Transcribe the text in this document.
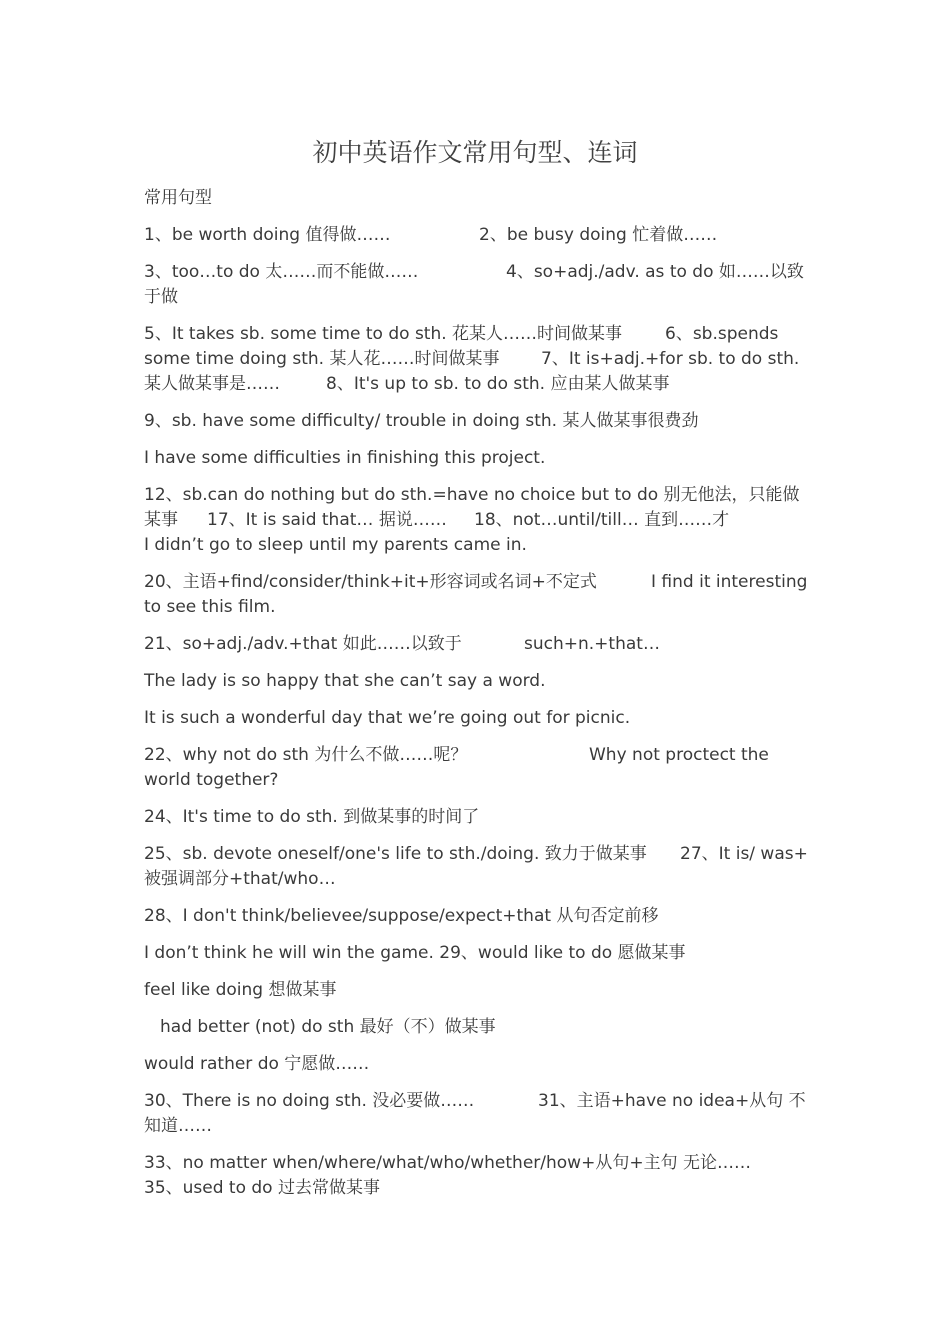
初中英语作文常用句型、连词
常用句型
1、be worth doing 值得做……	2、be busy doing 忙着做……
3、too…to do 太……而不能做……	4、so+adj./adv. as to do 如……以致
于做
5、It takes sb. some time to do sth. 花某人……时间做某事	6、sb.spends
some time doing sth. 某人花……时间做某事 7、It is+adj.+for sb. to do sth.
某人做某事是……	8、It's up to sb. to do sth. 应由某人做某事
9、sb. have some difficulty/ trouble in doing sth. 某人做某事很费劲
I have some difficulties in finishing this project.
12、sb.can do nothing but do sth.=have no choice but to do 别无他法，只能做
某事 17、It is said that… 据说…… 18、not…until/till… 直到……才
I didn’t go to sleep until my parents came in.
20、主语+find/consider/think+it+形容词或名词+不定式	I find it interesting
to see this film.
21、so+adj./adv.+that 如此……以致于	such+n.+that…
The lady is so happy that she can’t say a word.
It is such a wonderful day that we’re going out for picnic.
22、why not do sth 为什么不做……呢？	Why not proctect the
world together?
24、It's time to do sth. 到做某事的时间了
25、sb. devote oneself/one's life to sth./doing. 致力于做某事 27、It is/ was+
被强调部分+that/who…
28、I don't think/believee/suppose/expect+that 从句否定前移
I don’t think he will win the game. 29、would like to do 愿做某事
feel like doing 想做某事
had better (not) do sth 最好（不）做某事
would rather do 宁愿做……
30、There is no doing sth. 没必要做……	31、主语+have no idea+从句 不
知道……
33、no matter when/where/what/who/whether/how+从句+主句 无论……
35、used to do 过去常做某事
